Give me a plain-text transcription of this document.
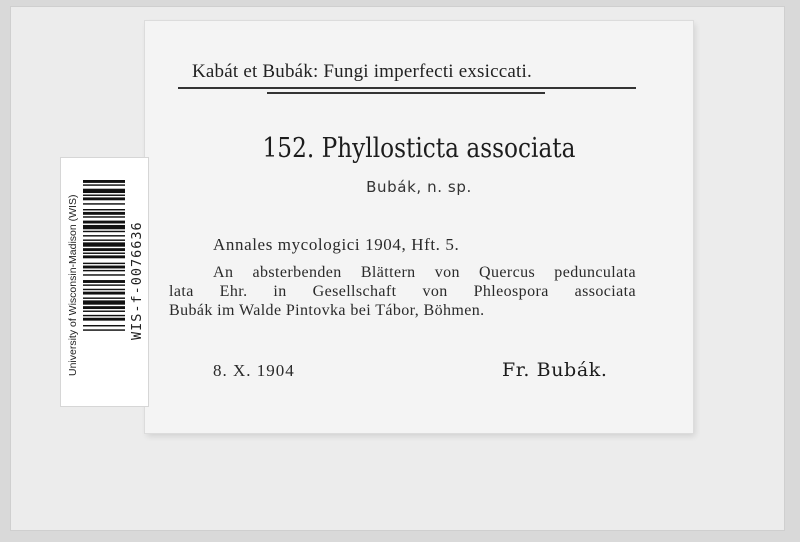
Kabát et Bubák: Fungi imperfecti exsiccati.
152. Phyllosticta associata
Bubák, n. sp.
Annales mycologici 1904, Hft. 5.
An absterbenden Blättern von Quercus pedunculata
lata Ehr. in Gesellschaft von Phleospora associata
Bubák im Walde Pintovka bei Tábor, Böhmen.
8. X. 1904	Fr. Bubák.
University of Wisconsin-Madison (WIS)	WIS-f-0076636
